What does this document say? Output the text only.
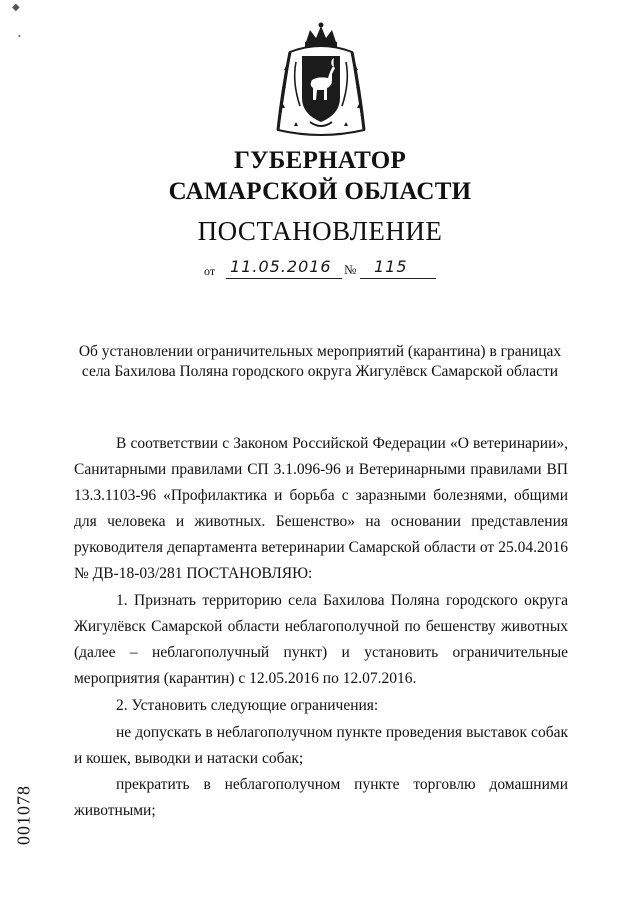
◆
•
ГУБЕРНАТОР
САМАРСКОЙ ОБЛАСТИ
ПОСТАНОВЛЕНИЕ
от 11.05.2016 № 115
Об установлении ограничительных мероприятий (карантина) в границах
села Бахилова Поляна городского округа Жигулёвск Самарской области
В соответствии с Законом Российской Федерации «О ветеринарии», Санитарными правилами СП 3.1.096-96 и Ветеринарными правилами ВП 13.3.1103-96 «Профилактика и борьба с заразными болезнями, общими для человека и животных. Бешенство» на основании представления руководителя департамента ветеринарии Самарской области от 25.04.2016 № ДВ-18-03/281 ПОСТАНОВЛЯЮ:
1. Признать территорию села Бахилова Поляна городского округа Жигулёвск Самарской области неблагополучной по бешенству животных (далее – неблагополучный пункт) и установить ограничительные мероприятия (карантин) с 12.05.2016 по 12.07.2016.
2. Установить следующие ограничения:
не допускать в неблагополучном пункте проведения выставок собак и кошек, выводки и натаски собак;
прекратить в неблагополучном пункте торговлю домашними животными;
001078
